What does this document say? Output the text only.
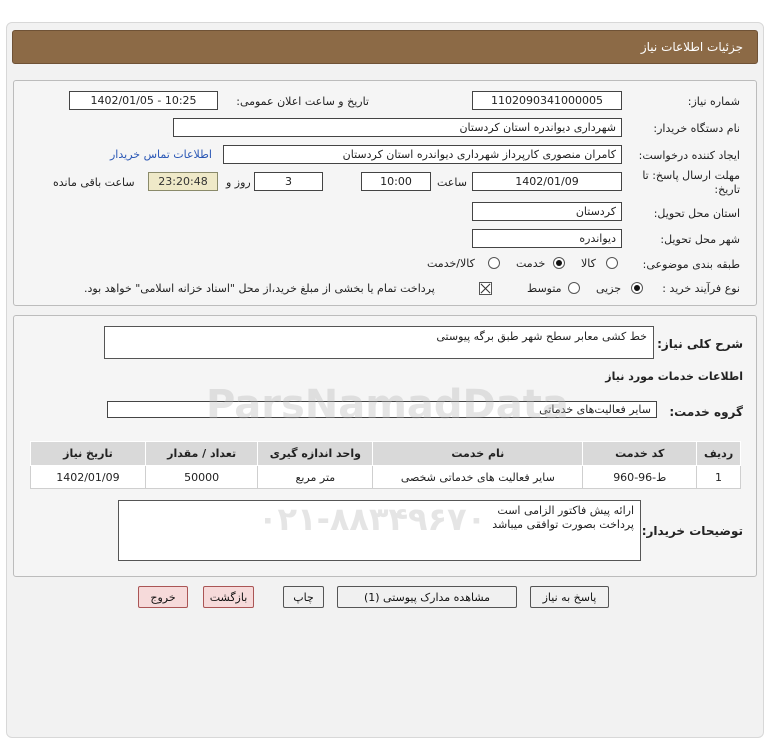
جزئیات اطلاعات نیاز
شماره نیاز:
1102090341000005
تاریخ و ساعت اعلان عمومی:
1402/01/05 - 10:25
نام دستگاه خریدار:
شهرداری دیواندره استان کردستان
ایجاد کننده درخواست:
کامران منصوری کارپرداز شهرداری دیواندره استان کردستان
اطلاعات تماس خریدار
مهلت ارسال پاسخ: تا
تاریخ:
1402/01/09
ساعت
10:00
3
روز و
23:20:48
ساعت باقی مانده
استان محل تحویل:
کردستان
شهر محل تحویل:
دیواندره
طبقه بندی موضوعی:
کالا
خدمت
کالا/خدمت
نوع فرآیند خرید :
جزیی
متوسط
پرداخت تمام یا بخشی از مبلغ خرید،از محل "اسناد خزانه اسلامی" خواهد بود.
شرح کلی نیاز:
خط کشی معابر سطح شهر طبق برگه پیوستی
اطلاعات خدمات مورد نیاز
گروه خدمت:
سایر فعالیت‌های خدماتی
ردیف	کد خدمت	نام خدمت	واحد اندازه گیری	تعداد / مقدار	تاریخ نیاز
1	ط-96-960	سایر فعالیت های خدماتی شخصی	متر مربع	50000	1402/01/09
توضیحات خریدار:
ارائه پیش فاکتور الزامی است
پرداخت بصورت توافقی میباشد
ParsNamadData
۰۲۱-۸۸۳۴۹۶۷۰
پاسخ به نیاز
مشاهده مدارک پیوستی (1)
چاپ
بازگشت
خروج
